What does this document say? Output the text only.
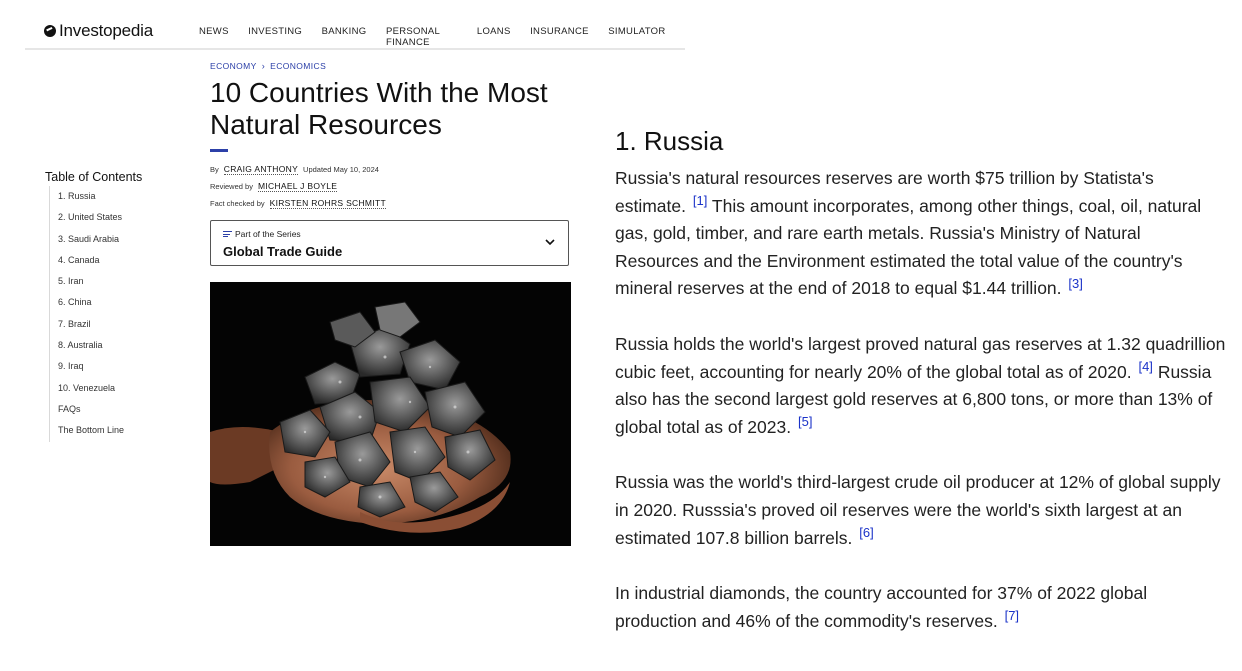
Investopedia	NEWS INVESTING BANKING PERSONAL FINANCE
LOANS INSURANCE SIMULATOR
ECONOMY › ECONOMICS
10 Countries With the Most Natural Resources
By CRAIG ANTHONY Updated May 10, 2024
Reviewed by MICHAEL J BOYLE
Fact checked by KIRSTEN ROHRS SCHMITT
Part of the Series
Global Trade Guide
Table of Contents
1. Russia
2. United States
3. Saudi Arabia
4. Canada
5. Iran
6. China
7. Brazil
8. Australia
9. Iraq
10. Venezuela
FAQs
The Bottom Line
1. Russia

Russia's natural resources reserves are worth $75 trillion by Statista's estimate. [1] This amount incorporates, among other things, coal, oil, natural gas, gold, timber, and rare earth metals. Russia's Ministry of Natural Resources and the Environment estimated the total value of the country's mineral reserves at the end of 2018 to equal $1.44 trillion. [3]

Russia holds the world's largest proved natural gas reserves at 1.32 quadrillion cubic feet, accounting for nearly 20% of the global total as of 2020. [4] Russia also has the second largest gold reserves at 6,800 tons, or more than 13% of global total as of 2023. [5]

Russia was the world's third-largest crude oil producer at 12% of global supply in 2020. Russsia's proved oil reserves were the world's sixth largest at an estimated 107.8 billion barrels. [6]

In industrial diamonds, the country accounted for 37% of 2022 global production and 46% of the commodity's reserves. [7]
